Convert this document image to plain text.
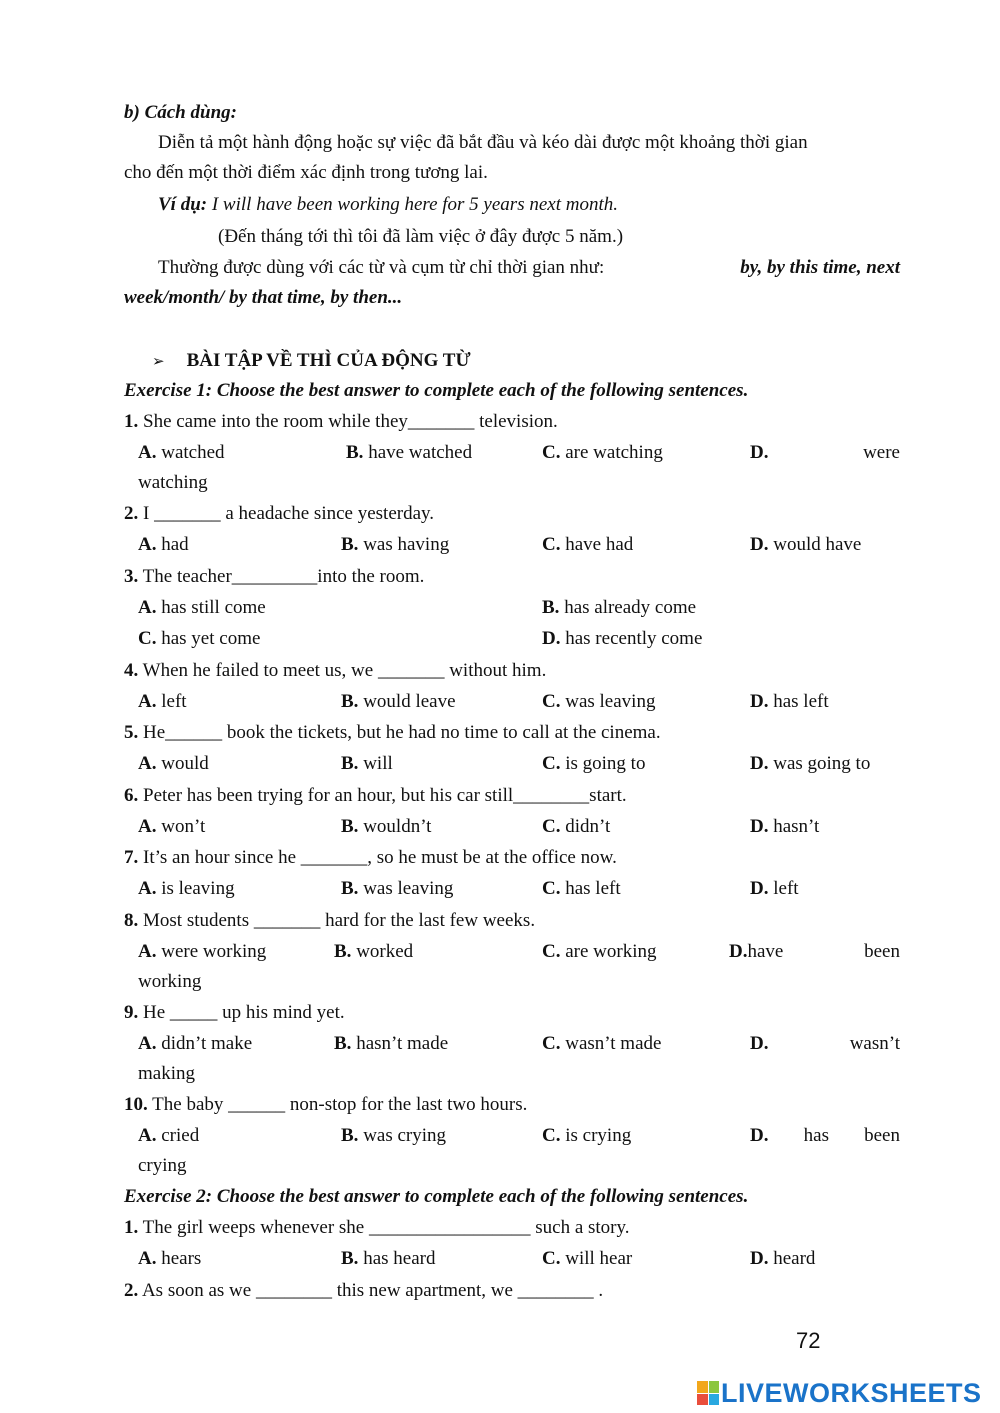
b) Cách dùng:
Diễn tả một hành động hoặc sự việc đã bắt đầu và kéo dài được một khoảng thời gian
cho đến một thời điểm xác định trong tương lai.
Ví dụ: I will have been working here for 5 years next month.
(Đến tháng tới thì tôi đã làm việc ở đây được 5 năm.)
Thường được dùng với các từ và cụm từ chỉ thời gian như:	by, by this time, next
week/month/ by that time, by then...
➢ BÀI TẬP VỀ THÌ CỦA ĐỘNG TỪ
Exercise 1: Choose the best answer to complete each of the following sentences.
1. She came into the room while they_______ television.
A. watched	B. have watched	C. are watching	D.	were
watching
2. I _______ a headache since yesterday.
A. had	B. was having	C. have had	D. would have
3. The teacher_________into the room.
A. has still come	B. has already come
C. has yet come	D. has recently come
4. When he failed to meet us, we _______ without him.
A. left	B. would leave	C. was leaving	D. has left
5. He______ book the tickets, but he had no time to call at the cinema.
A. would	B. will	C. is going to	D. was going to
6. Peter has been trying for an hour, but his car still________start.
A. won’t	B. wouldn’t	C. didn’t	D. hasn’t
7. It’s an hour since he _______, so he must be at the office now.
A. is leaving	B. was leaving	C. has left	D. left
8. Most students _______ hard for the last few weeks.
A. were working	B. worked	C. are working	D.have	been
working
9. He _____ up his mind yet.
A. didn’t make	B. hasn’t made	C. wasn’t made	D.	wasn’t
making
10. The baby ______ non-stop for the last two hours.
A. cried	B. was crying	C. is crying	D. has been
crying
Exercise 2: Choose the best answer to complete each of the following sentences.
1. The girl weeps whenever she _________________ such a story.
A. hears	B. has heard	C. will hear	D. heard
2. As soon as we ________ this new apartment, we ________ .
72
LIVEWORKSHEETS
